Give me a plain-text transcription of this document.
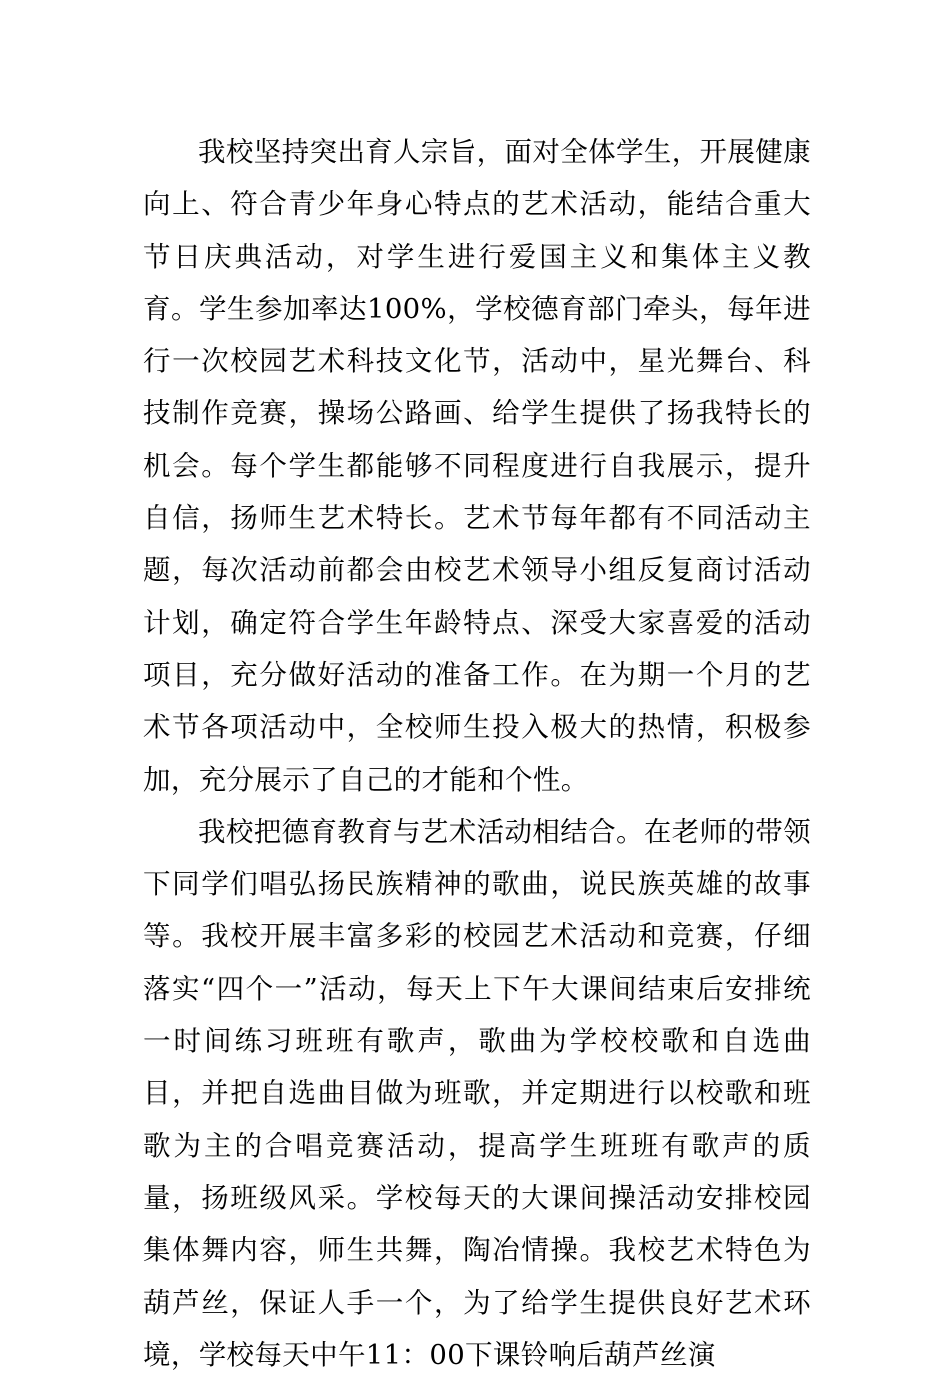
我校坚持突出育人宗旨，面对全体学生，开展健康向上、符合青少年身心特点的艺术活动，能结合重大节日庆典活动，对学生进行爱国主义和集体主义教育。学生参加率达100%，学校德育部门牵头，每年进行一次校园艺术科技文化节，活动中，星光舞台、科技制作竞赛，操场公路画、给学生提供了扬我特长的机会。每个学生都能够不同程度进行自我展示，提升自信，扬师生艺术特长。艺术节每年都有不同活动主题，每次活动前都会由校艺术领导小组反复商讨活动计划，确定符合学生年龄特点、深受大家喜爱的活动项目，充分做好活动的准备工作。在为期一个月的艺术节各项活动中，全校师生投入极大的热情，积极参加，充分展示了自己的才能和个性。

我校把德育教育与艺术活动相结合。在老师的带领下同学们唱弘扬民族精神的歌曲，说民族英雄的故事等。我校开展丰富多彩的校园艺术活动和竞赛，仔细落实“四个一”活动，每天上下午大课间结束后安排统一时间练习班班有歌声，歌曲为学校校歌和自选曲目，并把自选曲目做为班歌，并定期进行以校歌和班歌为主的合唱竞赛活动，提高学生班班有歌声的质量，扬班级风采。学校每天的大课间操活动安排校园集体舞内容，师生共舞，陶冶情操。我校艺术特色为葫芦丝，保证人手一个，为了给学生提供良好艺术环境，学校每天中午11：00下课铃响后葫芦丝演
